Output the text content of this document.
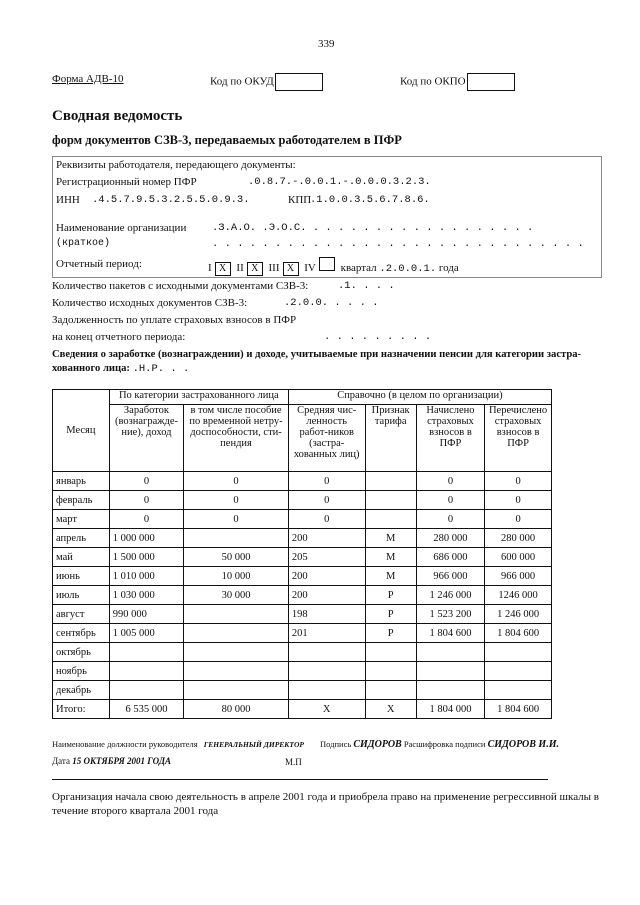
339
Форма АДВ-10	Код по ОКУД	Код по ОКПО
Сводная ведомость
форм документов СЗВ-3, передаваемых работодателем в ПФР
Реквизиты работодателя, передающего документы:
Регистрационный номер ПФР	.0.8.7.-.0.0.1.-.0.0.0.3.2.3.
ИНН .4.5.7.9.5.3.2.5.5.0.9.3.	КПП
.1.0.0.3.5.6.7.8.6.
Наименование организации .З.А.О. .Э.О.С. . . . . . . . . . . . . . . . . . .
(краткое)	. . . . . . . . . . . . . . . . . . . . . . . . . . . . . .
Отчетный период:	I X II X III X IV квартал .2.0.0.1. года
Количество пакетов с исходными документами СЗВ-3:	.1. . . .
Количество исходных документов СЗВ-3:	.2.0.0. . . . .
Задолженность по уплате страховых взносов в ПФР
на конец отчетного периода:	. . . . . . . . .
Сведения о заработке (вознаграждении) и доходе, учитываемые при назначении пенсии для категории застра-
хованного лица: .Н.Р. . .
Месяц	По категории застрахованного лица		Справочно (в целом по организации)			
	Заработок (вознагражде-ние), доход	в том числе пособие по временной нетру-доспособности, сти-пендия	Средняя чис-ленность работ-ников (застра-хованных лиц)	Признак тарифа	Начислено страховых взносов в ПФР	Перечислено страховых взносов в ПФР
январь	0	0	0		0	0
февраль	0	0	0		0	0
март	0	0	0		0	0
апрель	1 000 000		200	М	280 000	280 000
май	1 500 000	50 000	205	М	686 000	600 000
июнь	1 010 000	10 000	200	М	966 000	966 000
июль	1 030 000	30 000	200	Р	1 246 000	1246 000
август	990 000		198	Р	1 523 200	1 246 000
сентябрь	1 005 000		201	Р	1 804 600	1 804 600
октябрь						
ноябрь						
декабрь						
Итого:	6 535 000	80 000	Х	Х	1 804 000	1 804 600
Наименование должности руководителя ГЕНЕРАЛЬНЫЙ ДИРЕКТОР Подпись СИДОРОВ Расшифровка подписи СИДОРОВ И.И.
Дата 15 ОКТЯБРЯ 2001 ГОДА	М.П
Организация начала свою деятельность в апреле 2001 года и приобрела право на применение регрессивной шкалы в
течение второго квартала 2001 года
